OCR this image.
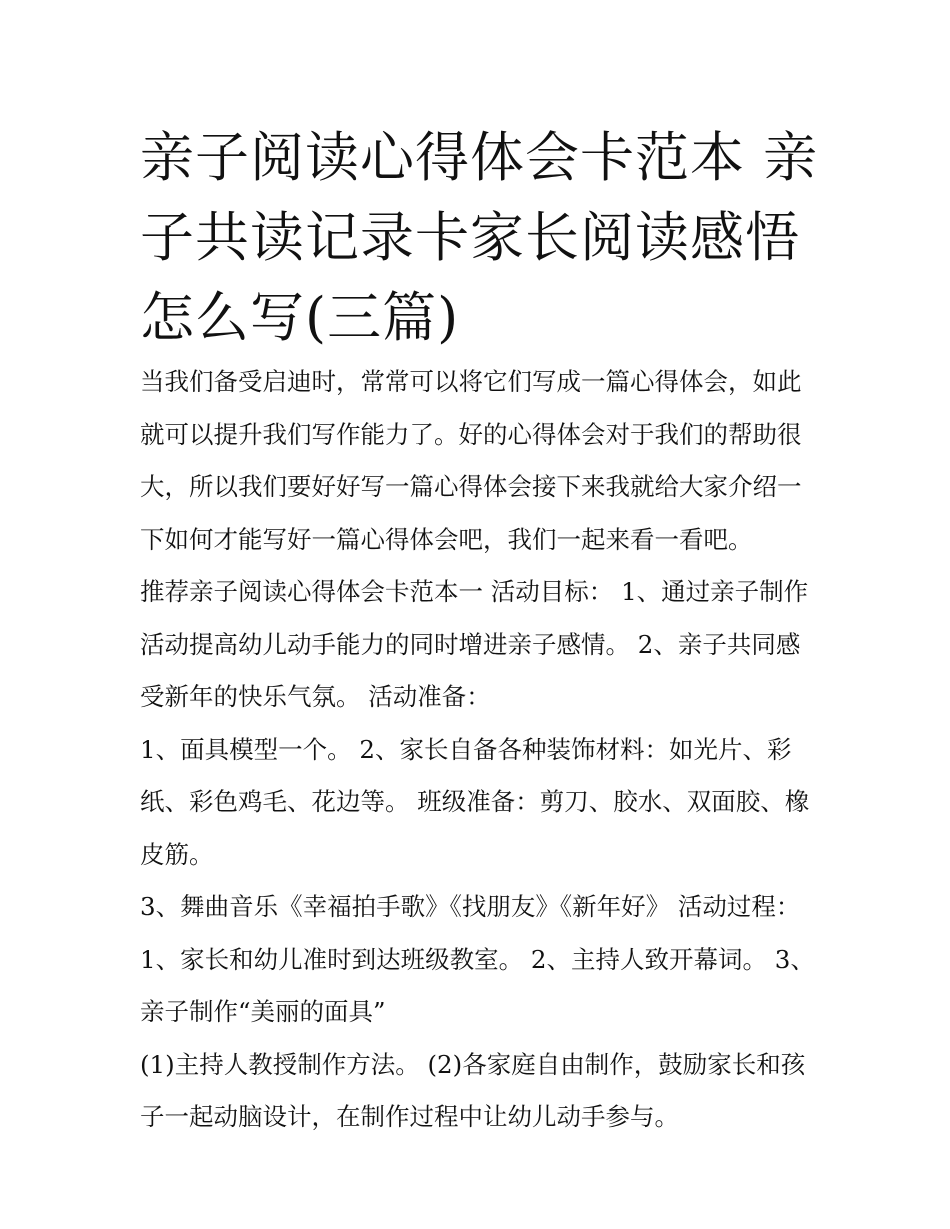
亲子阅读心得体会卡范本 亲子共读记录卡家长阅读感悟怎么写(三篇)

当我们备受启迪时，常常可以将它们写成一篇心得体会，如此就可以提升我们写作能力了。好的心得体会对于我们的帮助很大，所以我们要好好写一篇心得体会接下来我就给大家介绍一下如何才能写好一篇心得体会吧，我们一起来看一看吧。

推荐亲子阅读心得体会卡范本一 活动目标： 1、通过亲子制作活动提高幼儿动手能力的同时增进亲子感情。 2、亲子共同感受新年的快乐气氛。 活动准备：

1、面具模型一个。 2、家长自备各种装饰材料：如光片、彩纸、彩色鸡毛、花边等。 班级准备：剪刀、胶水、双面胶、橡皮筋。

3、舞曲音乐《幸福拍手歌》《找朋友》《新年好》 活动过程： 1、家长和幼儿准时到达班级教室。 2、主持人致开幕词。 3、亲子制作“美丽的面具”

(1)主持人教授制作方法。 (2)各家庭自由制作，鼓励家长和孩子一起动脑设计，在制作过程中让幼儿动手参与。
